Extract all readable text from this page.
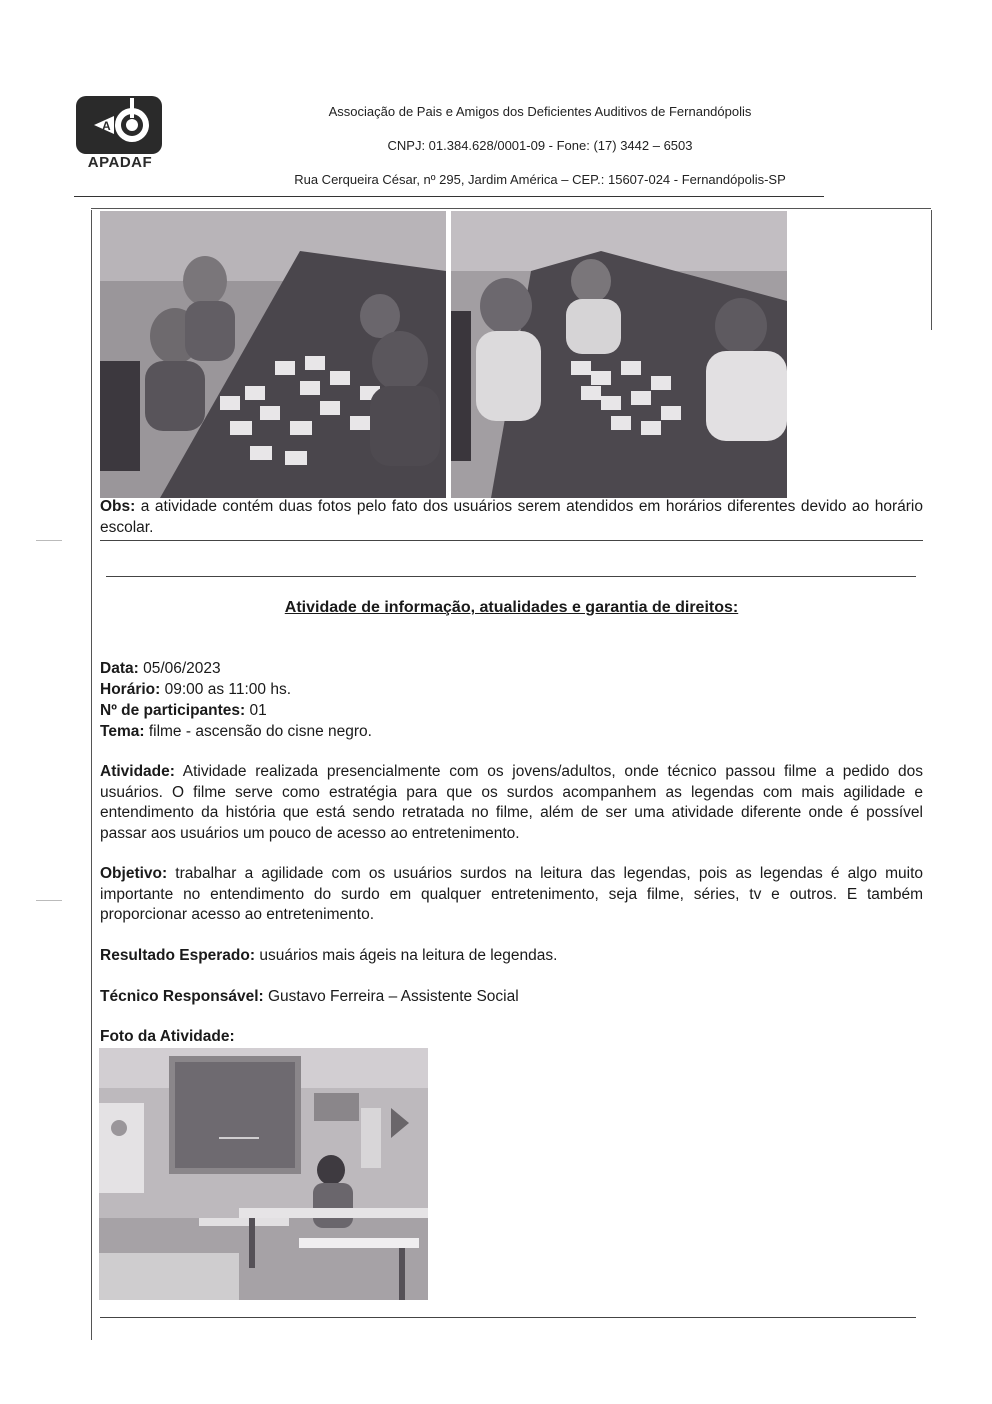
A
APADAF
Associação de Pais e Amigos dos Deficientes Auditivos de Fernandópolis
CNPJ: 01.384.628/0001-09 - Fone: (17) 3442 – 6503
Rua Cerqueira César, nº 295, Jardim América – CEP.: 15607-024 - Fernandópolis-SP
Obs: a atividade contém duas fotos pelo fato dos usuários serem atendidos em horários diferentes devido ao horário escolar.
Atividade de informação, atualidades e garantia de direitos:
Data: 05/06/2023
Horário: 09:00 as 11:00 hs.
Nº de participantes: 01
Tema: filme - ascensão do cisne negro.
Atividade: Atividade realizada presencialmente com os jovens/adultos, onde técnico passou filme a pedido dos usuários. O filme serve como estratégia para que os surdos acompanhem as legendas com mais agilidade e entendimento da história que está sendo retratada no filme, além de ser uma atividade diferente onde é possível passar aos usuários um pouco de acesso ao entretenimento.
Objetivo: trabalhar a agilidade com os usuários surdos na leitura das legendas, pois as legendas é algo muito importante no entendimento do surdo em qualquer entretenimento, seja filme, séries, tv e outros. E também proporcionar acesso ao entretenimento.
Resultado Esperado: usuários mais ágeis na leitura de legendas.
Técnico Responsável: Gustavo Ferreira – Assistente Social
Foto da Atividade:
